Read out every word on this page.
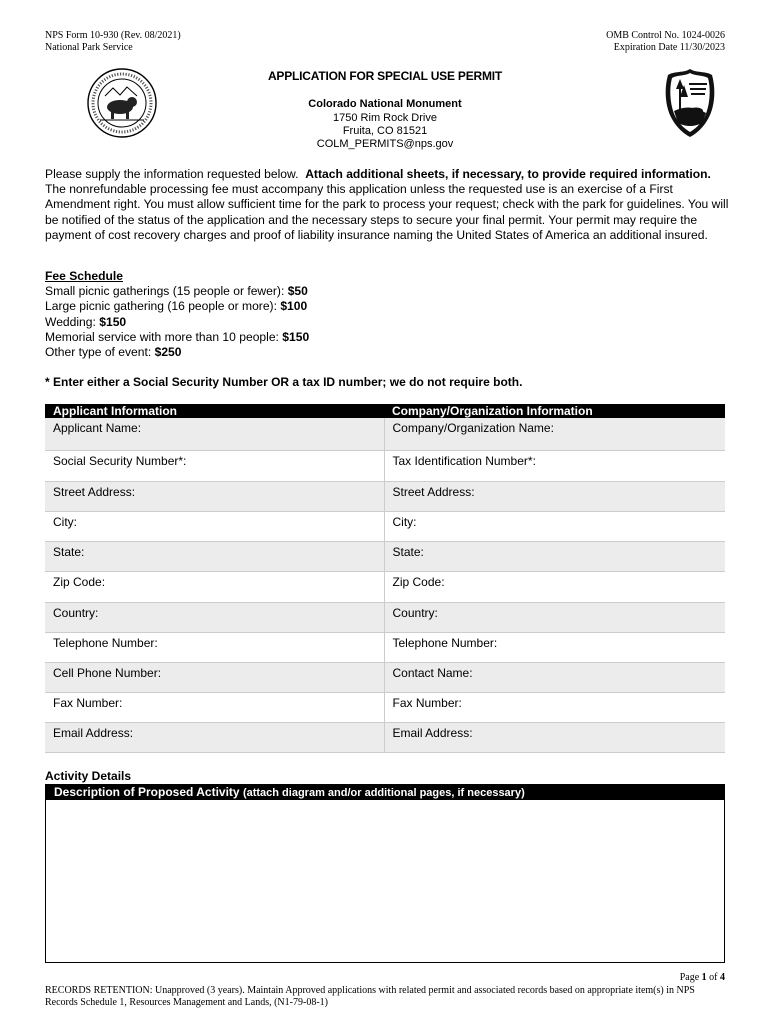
NPS Form 10-930 (Rev. 08/2021)
National Park Service
OMB Control No. 1024-0026
Expiration Date 11/30/2023
APPLICATION FOR SPECIAL USE PERMIT
Colorado National Monument
1750 Rim Rock Drive
Fruita, CO 81521
COLM_PERMITS@nps.gov
Please supply the information requested below. Attach additional sheets, if necessary, to provide required information.  The nonrefundable processing fee must accompany this application unless the requested use is an exercise of a First Amendment right. You must allow sufficient time for the park to process your request; check with the park for guidelines. You will be notified of the status of the application and the necessary steps to secure your final permit. Your permit may require the payment of cost recovery charges and proof of liability insurance naming the United States of America an additional insured.
Fee Schedule
Small picnic gatherings (15 people or fewer): $50
Large picnic gathering (16 people or more): $100
Wedding: $150
Memorial service with more than 10 people: $150
Other type of event: $250
* Enter either a Social Security Number OR a tax ID number; we do not require both.
Applicant Information	Company/Organization Information
Applicant Name:	Company/Organization Name:
Social Security Number*:	Tax Identification Number*:
Street Address:	Street Address:
City:	City:
State:	State:
Zip Code:	Zip Code:
Country:	Country:
Telephone Number:	Telephone Number:
Cell Phone Number:	Contact Name:
Fax Number:	Fax Number:
Email Address:	Email Address:
Activity Details
Description of Proposed Activity (attach diagram and/or additional pages, if necessary)
Page 1 of 4
RECORDS RETENTION: Unapproved (3 years). Maintain Approved applications with related permit and associated records based on appropriate item(s) in NPS Records Schedule 1, Resources Management and Lands, (N1-79-08-1)
